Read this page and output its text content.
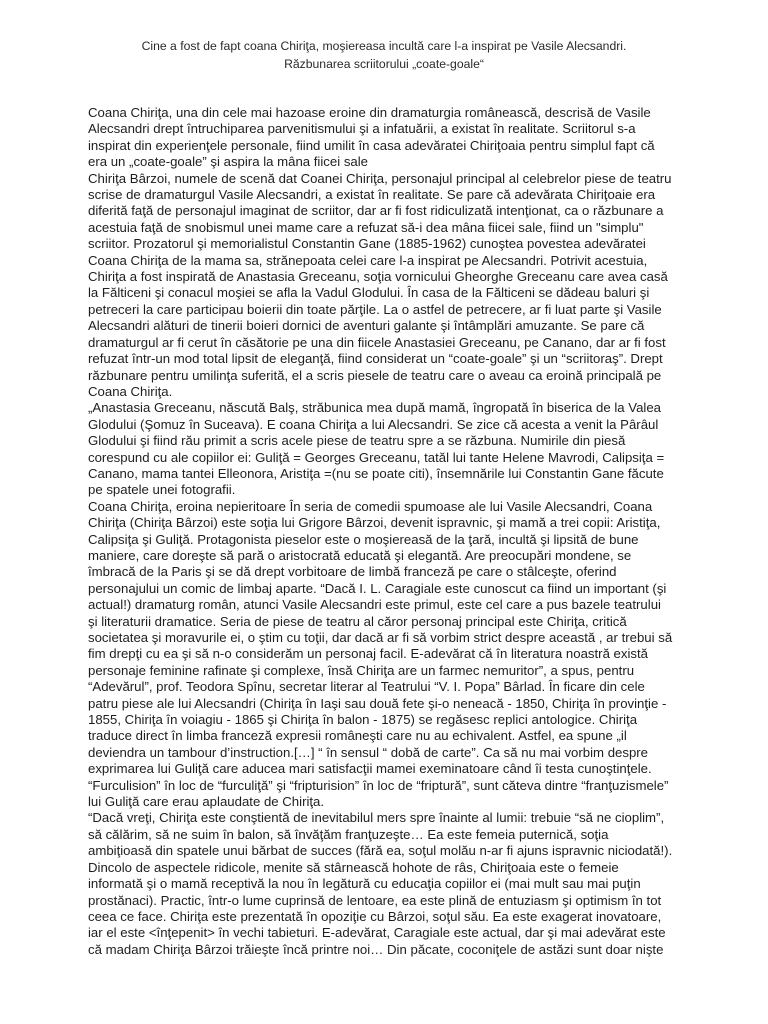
Cine a fost de fapt coana Chiriţa, moşiereasa incultă care l-a inspirat pe Vasile Alecsandri.
Răzbunarea scriitorului „coate-goale“
Coana Chiriţa, una din cele mai hazoase eroine din dramaturgia românească, descrisă de Vasile
Alecsandri drept întruchiparea parvenitismului şi a infatuării, a existat în realitate. Scriitorul s-a
inspirat din experienţele personale, fiind umilit în casa adevăratei Chiriţoaia pentru simplul fapt că
era un „coate-goale” şi aspira la mâna fiicei sale
Chiriţa Bârzoi, numele de scenă dat Coanei Chiriţa, personajul principal al celebrelor piese de teatru
scrise de dramaturgul Vasile Alecsandri, a existat în realitate. Se pare că adevărata Chiriţoaie era
diferită faţă de personajul imaginat de scriitor, dar ar fi fost ridiculizată intenţionat, ca o răzbunare a
acestuia faţă de snobismul unei mame care a refuzat să-i dea mâna fiicei sale, fiind un "simplu"
scriitor. Prozatorul şi memorialistul Constantin Gane (1885-1962) cunoştea povestea adevăratei
Coana Chiriţa de la mama sa, strănepoata celei care l-a inspirat pe Alecsandri. Potrivit acestuia,
Chiriţa a fost inspirată de Anastasia Greceanu, soţia vornicului Gheorghe Greceanu care avea casă
la Fălticeni şi conacul moşiei se afla la Vadul Glodului. În casa de la Fălticeni se dădeau baluri şi
petreceri la care participau boierii din toate părţile. La o astfel de petrecere, ar fi luat parte şi Vasile
Alecsandri alături de tinerii boieri dornici de aventuri galante şi întâmplări amuzante. Se pare că
dramaturgul ar fi cerut în căsătorie pe una din fiicele Anastasiei Greceanu, pe Canano, dar ar fi fost
refuzat într-un mod total lipsit de eleganţă, fiind considerat un “coate-goale” şi un “scriitoraş”. Drept
răzbunare pentru umilinţa suferită, el a scris piesele de teatru care o aveau ca eroină principală pe
Coana Chiriţa.
„Anastasia Greceanu, născută Balş, străbunica mea după mamă, îngropată în biserica de la Valea
Glodului (Şomuz în Suceava). E coana Chiriţa a lui Alecsandri. Se zice că acesta a venit la Pârâul
Glodului şi fiind rău primit a scris acele piese de teatru spre a se răzbuna. Numirile din piesă
corespund cu ale copiilor ei: Guliţă = Georges Greceanu, tatăl lui tante Helene Mavrodi, Calipsiţa =
Canano, mama tantei Elleonora, Aristiţa =(nu se poate citi), însemnările lui Constantin Gane făcute
pe spatele unei fotografii.
Coana Chiriţa, eroina nepieritoare În seria de comedii spumoase ale lui Vasile Alecsandri, Coana
Chiriţa (Chiriţa Bârzoi) este soţia lui Grigore Bârzoi, devenit ispravnic, şi mamă a trei copii: Aristiţa,
Calipsiţa şi Guliţă. Protagonista pieselor este o moşiereasă de la ţară, incultă şi lipsită de bune
maniere, care doreşte să pară o aristocrată educată şi elegantă. Are preocupări mondene, se
îmbracă de la Paris şi se dă drept vorbitoare de limbă franceză pe care o stâlceşte, oferind
personajului un comic de limbaj aparte. “Dacă I. L. Caragiale este cunoscut ca fiind un important (şi
actual!) dramaturg român, atunci Vasile Alecsandri este primul, este cel care a pus bazele teatrului
şi literaturii dramatice. Seria de piese de teatru al căror personaj principal este Chiriţa, critică
societatea şi moravurile ei, o ştim cu toţii, dar dacă ar fi să vorbim strict despre această , ar trebui să
fim drepţi cu ea şi să n-o considerăm un personaj facil. E-adevărat că în literatura noastră există
personaje feminine rafinate şi complexe, însă Chiriţa are un farmec nemuritor”, a spus, pentru
“Adevărul”, prof. Teodora Spînu, secretar literar al Teatrului “V. I. Popa” Bârlad. În ficare din cele
patru piese ale lui Alecsandri (Chiriţa în Iaşi sau două fete şi-o neneacă - 1850, Chiriţa în provinţie -
1855, Chiriţa în voiagiu - 1865 şi Chiriţa în balon - 1875) se regăsesc replici antologice. Chiriţa
traduce direct în limba franceză expresii româneşti care nu au echivalent. Astfel, ea spune „il
deviendra un tambour d’instruction.[…] “ în sensul “ dobă de carte”. Ca să nu mai vorbim despre
exprimarea lui Guliţă care aducea mari satisfacţii mamei exeminatoare când îi testa cunoştinţele.
“Furculision” în loc de “furculiţă” şi “fripturision” în loc de “friptură”, sunt căteva dintre “franţuzismele”
lui Guliţă care erau aplaudate de Chiriţa.
“Dacă vreţi, Chiriţa este conştientă de inevitabilul mers spre înainte al lumii: trebuie “să ne cioplim”,
să călărim, să ne suim în balon, să învăţăm franţuzeşte… Ea este femeia puternică, soţia
ambiţioasă din spatele unui bărbat de succes (fără ea, soţul molău n-ar fi ajuns ispravnic niciodată!).
Dincolo de aspectele ridicole, menite să stârnească hohote de râs, Chiriţoaia este o femeie
informată şi o mamă receptivă la nou în legătură cu educaţia copiilor ei (mai mult sau mai puţin
prostănaci). Practic, într-o lume cuprinsă de lentoare, ea este plină de entuziasm şi optimism în tot
ceea ce face. Chiriţa este prezentată în opoziţie cu Bârzoi, soţul său. Ea este exagerat inovatoare,
iar el este <înţepenit> în vechi tabieturi. E-adevărat, Caragiale este actual, dar şi mai adevărat este
că madam Chiriţa Bârzoi trăieşte încă printre noi… Din păcate, coconiţele de astăzi sunt doar nişte
